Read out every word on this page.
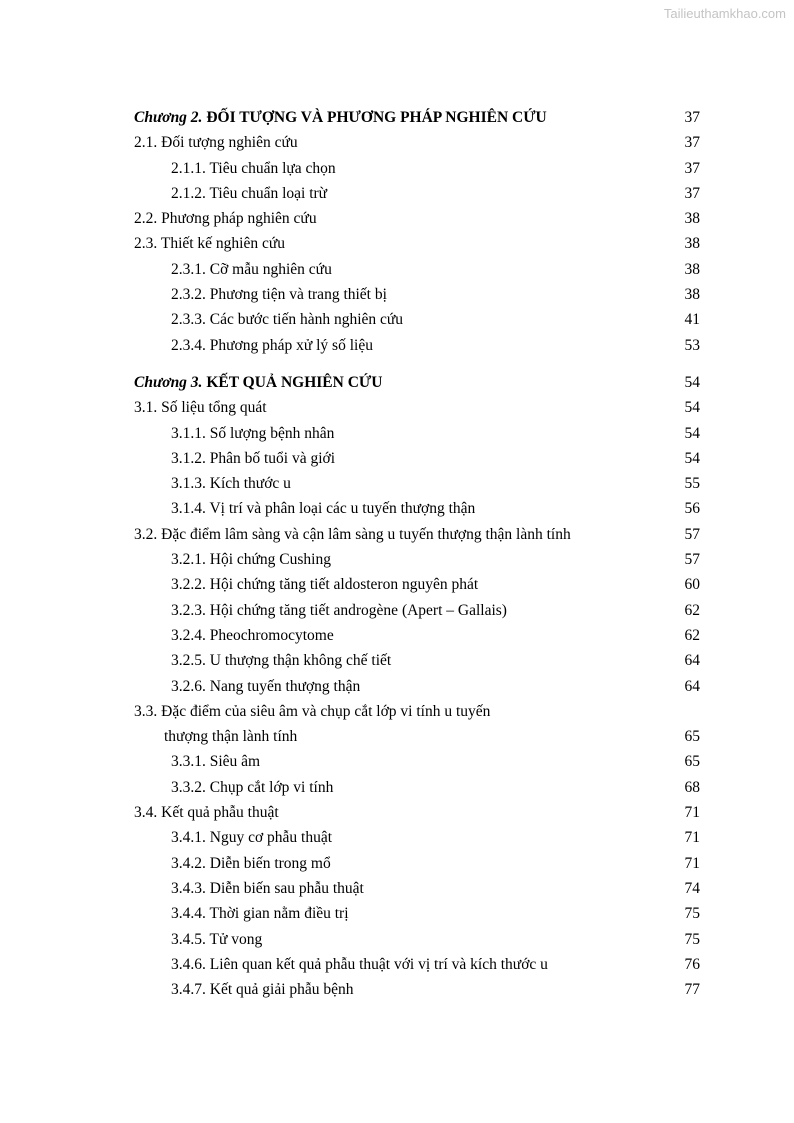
Tailieuthamkhao.com
Chương 2. ĐỐI TƯỢNG VÀ PHƯƠNG PHÁP NGHIÊN CỨU	37
2.1. Đối tượng nghiên cứu	37
2.1.1. Tiêu chuẩn lựa chọn	37
2.1.2. Tiêu chuẩn loại trừ	37
2.2. Phương pháp nghiên cứu	38
2.3. Thiết kế nghiên cứu	38
2.3.1. Cỡ mẫu nghiên cứu	38
2.3.2. Phương tiện và trang thiết bị	38
2.3.3. Các bước tiến hành nghiên cứu	41
2.3.4. Phương pháp xử lý số liệu	53
Chương 3. KẾT QUẢ NGHIÊN CỨU	54
3.1. Số liệu tổng quát	54
3.1.1. Số lượng bệnh nhân	54
3.1.2. Phân bố tuổi và giới	54
3.1.3. Kích thước u	55
3.1.4. Vị trí và phân loại các u tuyến thượng thận	56
3.2. Đặc điểm lâm sàng và cận lâm sàng u tuyến thượng thận lành tính	57
3.2.1. Hội chứng Cushing	57
3.2.2. Hội chứng tăng tiết aldosteron nguyên phát	60
3.2.3. Hội chứng tăng tiết androgène (Apert – Gallais)	62
3.2.4. Pheochromocytome	62
3.2.5. U thượng thận không chế tiết	64
3.2.6. Nang tuyến thượng thận	64
3.3. Đặc điểm của siêu âm và chụp cắt lớp vi tính u tuyến
thượng thận lành tính	65
3.3.1. Siêu âm	65
3.3.2. Chụp cắt lớp vi tính	68
3.4. Kết quả phẫu thuật	71
3.4.1. Nguy cơ phẫu thuật	71
3.4.2. Diễn biến trong mổ	71
3.4.3. Diễn biến sau phẫu thuật	74
3.4.4. Thời gian nằm điều trị	75
3.4.5. Tử vong	75
3.4.6. Liên quan kết quả phẫu thuật với vị trí và kích thước u	76
3.4.7. Kết quả giải phẫu bệnh	77
